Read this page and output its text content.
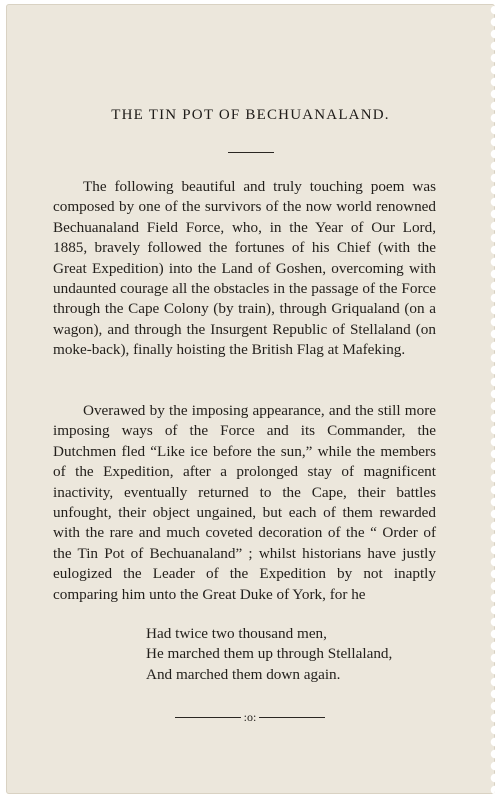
THE TIN POT OF BECHUANALAND.
The following beautiful and truly touching poem was composed by one of the survivors of the now world renowned Bechuanaland Field Force, who, in the Year of Our Lord, 1885, bravely followed the fortunes of his Chief (with the Great Expedition) into the Land of Goshen, overcoming with undaunted courage all the obstacles in the passage of the Force through the Cape Colony (by train), through Griqualand (on a wagon), and through the Insurgent Republic of Stellaland (on moke-back), finally hoisting the British Flag at Mafeking.
Overawed by the imposing appearance, and the still more imposing ways of the Force and its Commander, the Dutchmen fled “Like ice before the sun,” while the members of the Expedition, after a prolonged stay of magnificent inactivity, eventually returned to the Cape, their battles unfought, their object ungained, but each of them rewarded with the rare and much coveted decoration of the “ Order of the Tin Pot of Bechuanaland” ; whilst historians have justly eulogized the Leader of the Expedition by not inaptly comparing him unto the Great Duke of York, for he
Had twice two thousand men,
He marched them up through Stellaland,
And marched them down again.
:o:
